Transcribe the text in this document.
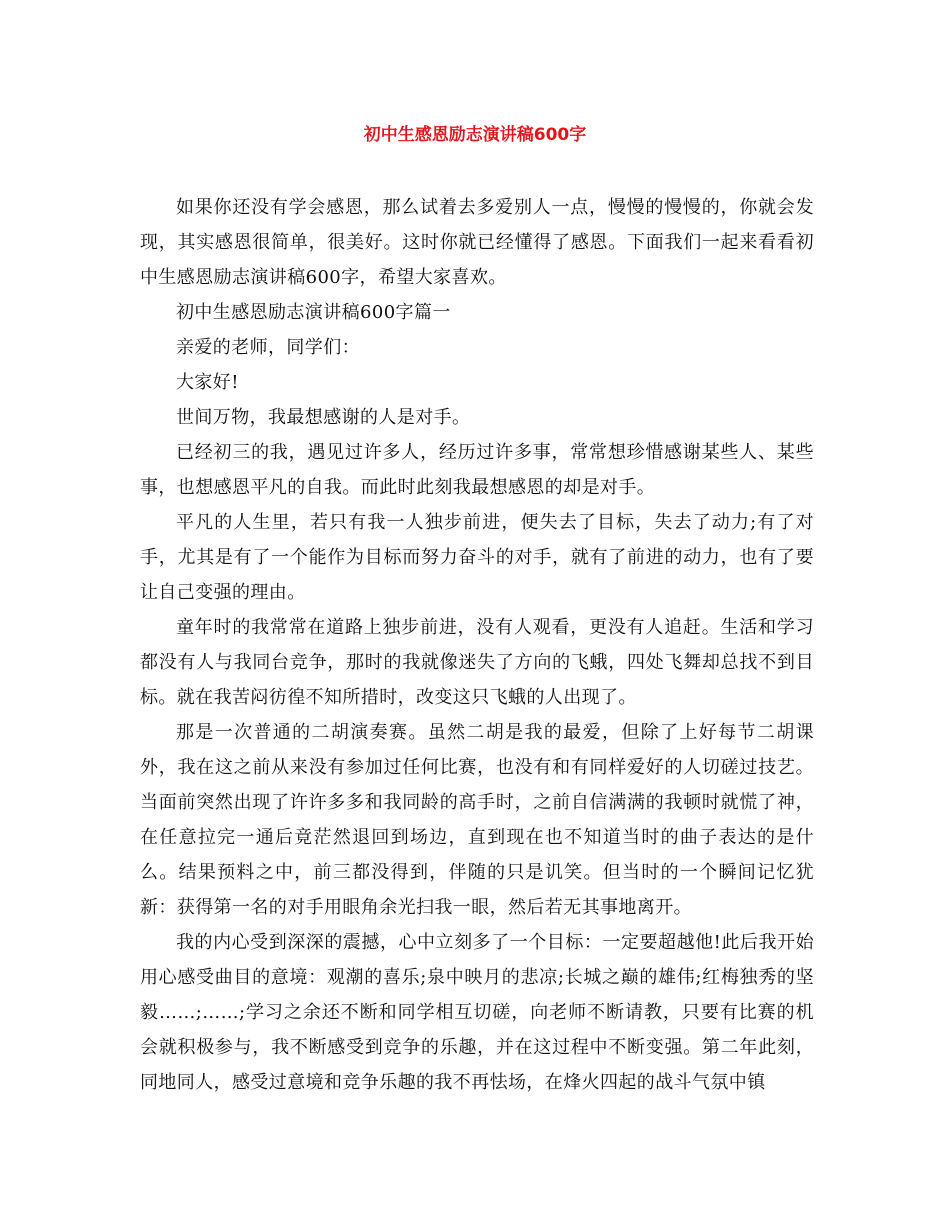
初中生感恩励志演讲稿600字

如果你还没有学会感恩，那么试着去多爱别人一点，慢慢的慢慢的，你就会发现，其实感恩很简单，很美好。这时你就已经懂得了感恩。下面我们一起来看看初中生感恩励志演讲稿600字，希望大家喜欢。

初中生感恩励志演讲稿600字篇一

亲爱的老师，同学们：

大家好!

世间万物，我最想感谢的人是对手。

已经初三的我，遇见过许多人，经历过许多事，常常想珍惜感谢某些人、某些事，也想感恩平凡的自我。而此时此刻我最想感恩的却是对手。

平凡的人生里，若只有我一人独步前进，便失去了目标，失去了动力;有了对手，尤其是有了一个能作为目标而努力奋斗的对手，就有了前进的动力，也有了要让自己变强的理由。

童年时的我常常在道路上独步前进，没有人观看，更没有人追赶。生活和学习都没有人与我同台竞争，那时的我就像迷失了方向的飞蛾，四处飞舞却总找不到目标。就在我苦闷彷徨不知所措时，改变这只飞蛾的人出现了。

那是一次普通的二胡演奏赛。虽然二胡是我的最爱，但除了上好每节二胡课外，我在这之前从来没有参加过任何比赛，也没有和有同样爱好的人切磋过技艺。当面前突然出现了许许多多和我同龄的高手时，之前自信满满的我顿时就慌了神，在任意拉完一通后竟茫然退回到场边，直到现在也不知道当时的曲子表达的是什么。结果预料之中，前三都没得到，伴随的只是讥笑。但当时的一个瞬间记忆犹新：获得第一名的对手用眼角余光扫我一眼，然后若无其事地离开。

我的内心受到深深的震撼，心中立刻多了一个目标：一定要超越他!此后我开始用心感受曲目的意境：观潮的喜乐;泉中映月的悲凉;长城之巅的雄伟;红梅独秀的坚毅……;……;学习之余还不断和同学相互切磋，向老师不断请教，只要有比赛的机会就积极参与，我不断感受到竞争的乐趣，并在这过程中不断变强。第二年此刻，同地同人，感受过意境和竞争乐趣的我不再怯场，在烽火四起的战斗气氛中镇
